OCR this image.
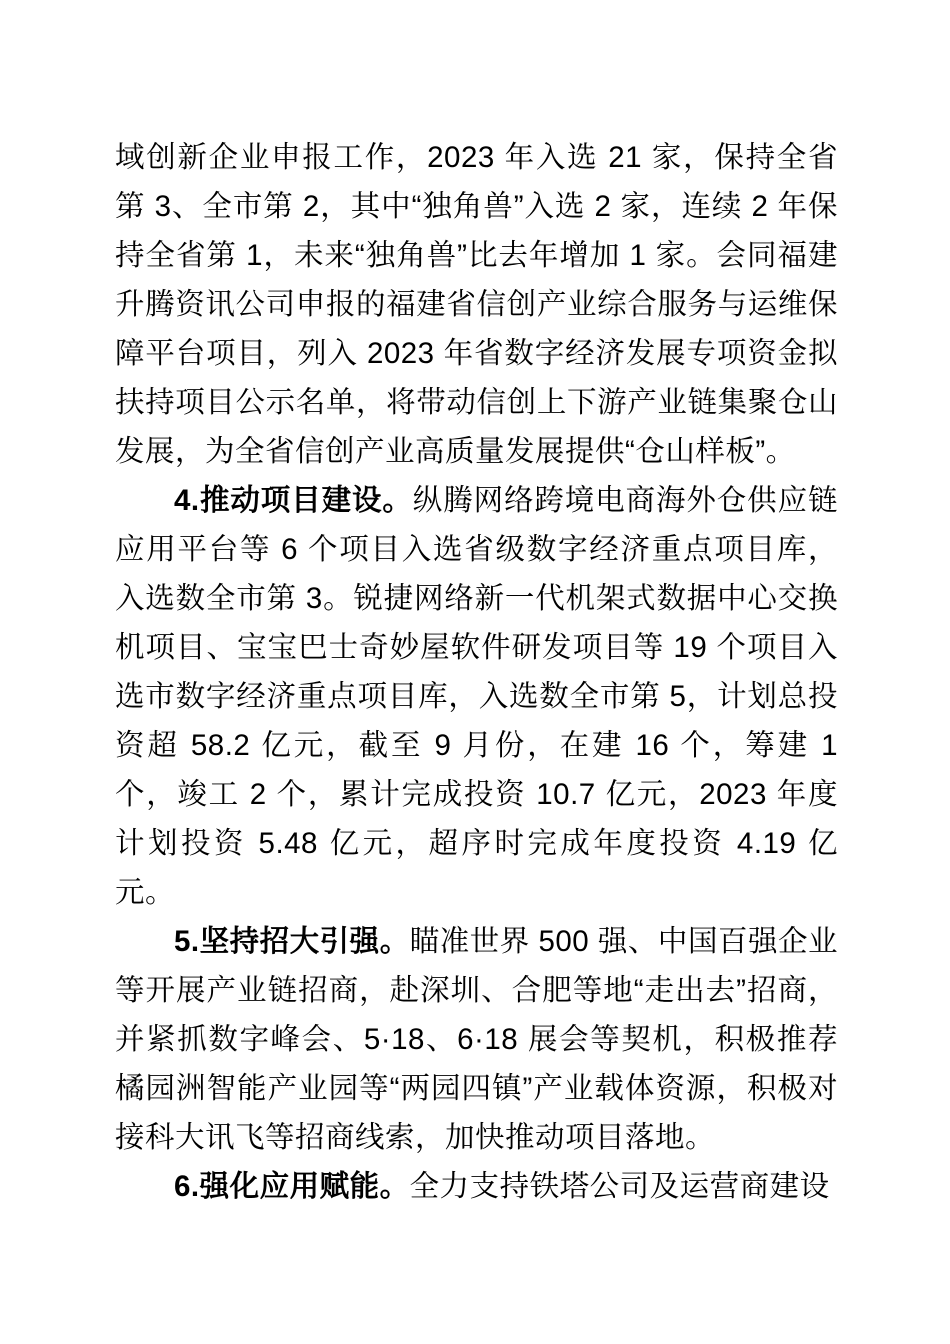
域创新企业申报工作，2023 年入选 21 家，保持全省第 3、全市第 2，其中“独角兽”入选 2 家，连续 2 年保持全省第 1，未来“独角兽”比去年增加 1 家。会同福建升腾资讯公司申报的福建省信创产业综合服务与运维保障平台项目，列入 2023 年省数字经济发展专项资金拟扶持项目公示名单，将带动信创上下游产业链集聚仓山发展，为全省信创产业高质量发展提供“仓山样板”。

4.推动项目建设。纵腾网络跨境电商海外仓供应链应用平台等 6 个项目入选省级数字经济重点项目库，入选数全市第 3。锐捷网络新一代机架式数据中心交换机项目、宝宝巴士奇妙屋软件研发项目等 19 个项目入选市数字经济重点项目库，入选数全市第 5，计划总投资超 58.2 亿元，截至 9 月份，在建 16 个，筹建 1 个，竣工 2 个，累计完成投资 10.7 亿元，2023 年度计划投资 5.48 亿元，超序时完成年度投资 4.19 亿元。

5.坚持招大引强。瞄准世界 500 强、中国百强企业等开展产业链招商，赴深圳、合肥等地“走出去”招商，并紧抓数字峰会、5·18、6·18 展会等契机，积极推荐橘园洲智能产业园等“两园四镇”产业载体资源，积极对接科大讯飞等招商线索，加快推动项目落地。

6.强化应用赋能。全力支持铁塔公司及运营商建设
